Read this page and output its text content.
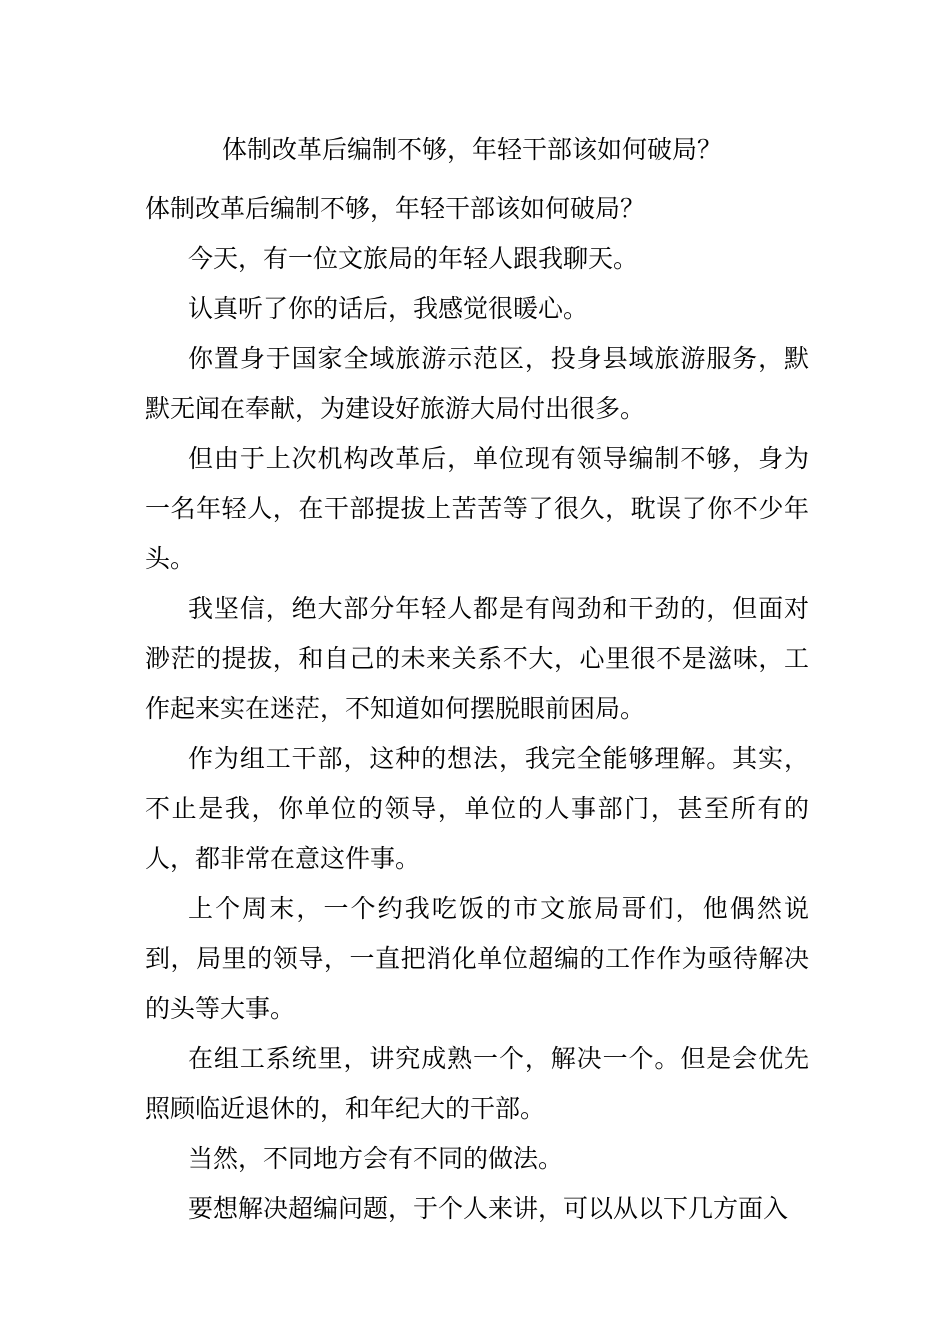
体制改革后编制不够，年轻干部该如何破局？

体制改革后编制不够，年轻干部该如何破局？

今天，有一位文旅局的年轻人跟我聊天。

认真听了你的话后，我感觉很暖心。

你置身于国家全域旅游示范区，投身县域旅游服务，默默无闻在奉献，为建设好旅游大局付出很多。

但由于上次机构改革后，单位现有领导编制不够，身为一名年轻人，在干部提拔上苦苦等了很久，耽误了你不少年头。

我坚信，绝大部分年轻人都是有闯劲和干劲的，但面对渺茫的提拔，和自己的未来关系不大，心里很不是滋味，工作起来实在迷茫，不知道如何摆脱眼前困局。

作为组工干部，这种的想法，我完全能够理解。其实，不止是我，你单位的领导，单位的人事部门，甚至所有的人，都非常在意这件事。

上个周末，一个约我吃饭的市文旅局哥们，他偶然说到，局里的领导，一直把消化单位超编的工作作为亟待解决的头等大事。

在组工系统里，讲究成熟一个，解决一个。但是会优先照顾临近退休的，和年纪大的干部。

当然，不同地方会有不同的做法。

要想解决超编问题，于个人来讲，可以从以下几方面入
